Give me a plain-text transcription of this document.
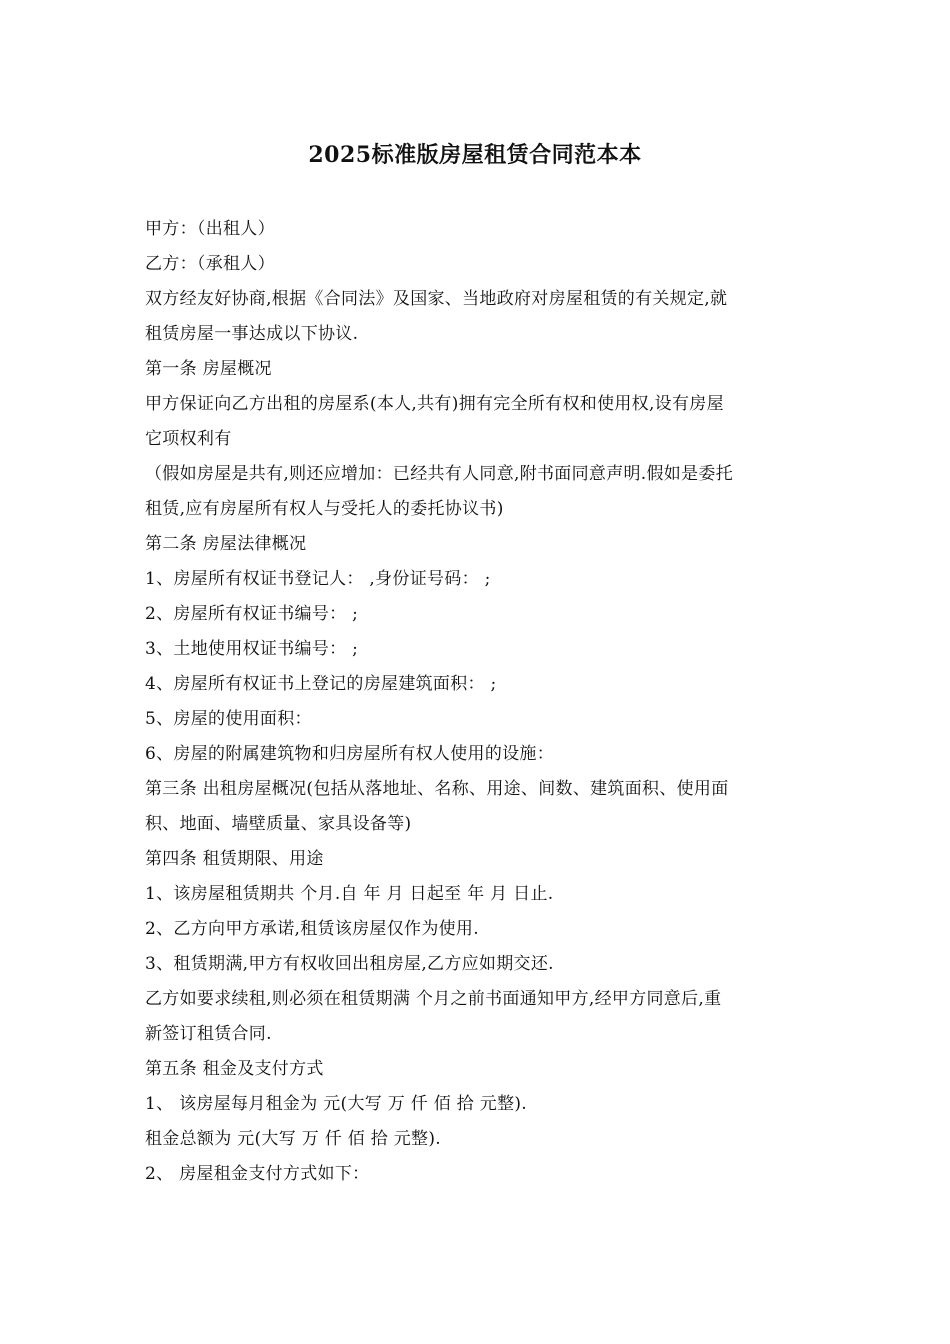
2025标准版房屋租赁合同范本本
甲方：（出租人）
乙方：（承租人）
双方经友好协商,根据《合同法》及国家、当地政府对房屋租赁的有关规定,就
租赁房屋一事达成以下协议.
第一条 房屋概况
甲方保证向乙方出租的房屋系(本人,共有)拥有完全所有权和使用权,设有房屋
它项权利有
（假如房屋是共有,则还应增加：已经共有人同意,附书面同意声明.假如是委托
租赁,应有房屋所有权人与受托人的委托协议书)
第二条 房屋法律概况
1、房屋所有权证书登记人： ,身份证号码： ;
2、房屋所有权证书编号： ;
3、土地使用权证书编号： ;
4、房屋所有权证书上登记的房屋建筑面积： ;
5、房屋的使用面积：
6、房屋的附属建筑物和归房屋所有权人使用的设施：
第三条 出租房屋概况(包括从落地址、名称、用途、间数、建筑面积、使用面
积、地面、墙壁质量、家具设备等)
第四条 租赁期限、用途
1、该房屋租赁期共 个月.自 年 月 日起至 年 月 日止.
2、乙方向甲方承诺,租赁该房屋仅作为使用.
3、租赁期满,甲方有权收回出租房屋,乙方应如期交还.
乙方如要求续租,则必须在租赁期满 个月之前书面通知甲方,经甲方同意后,重
新签订租赁合同.
第五条 租金及支付方式
1、 该房屋每月租金为 元(大写 万 仟 佰 拾 元整).
租金总额为 元(大写 万 仟 佰 拾 元整).
2、 房屋租金支付方式如下：
